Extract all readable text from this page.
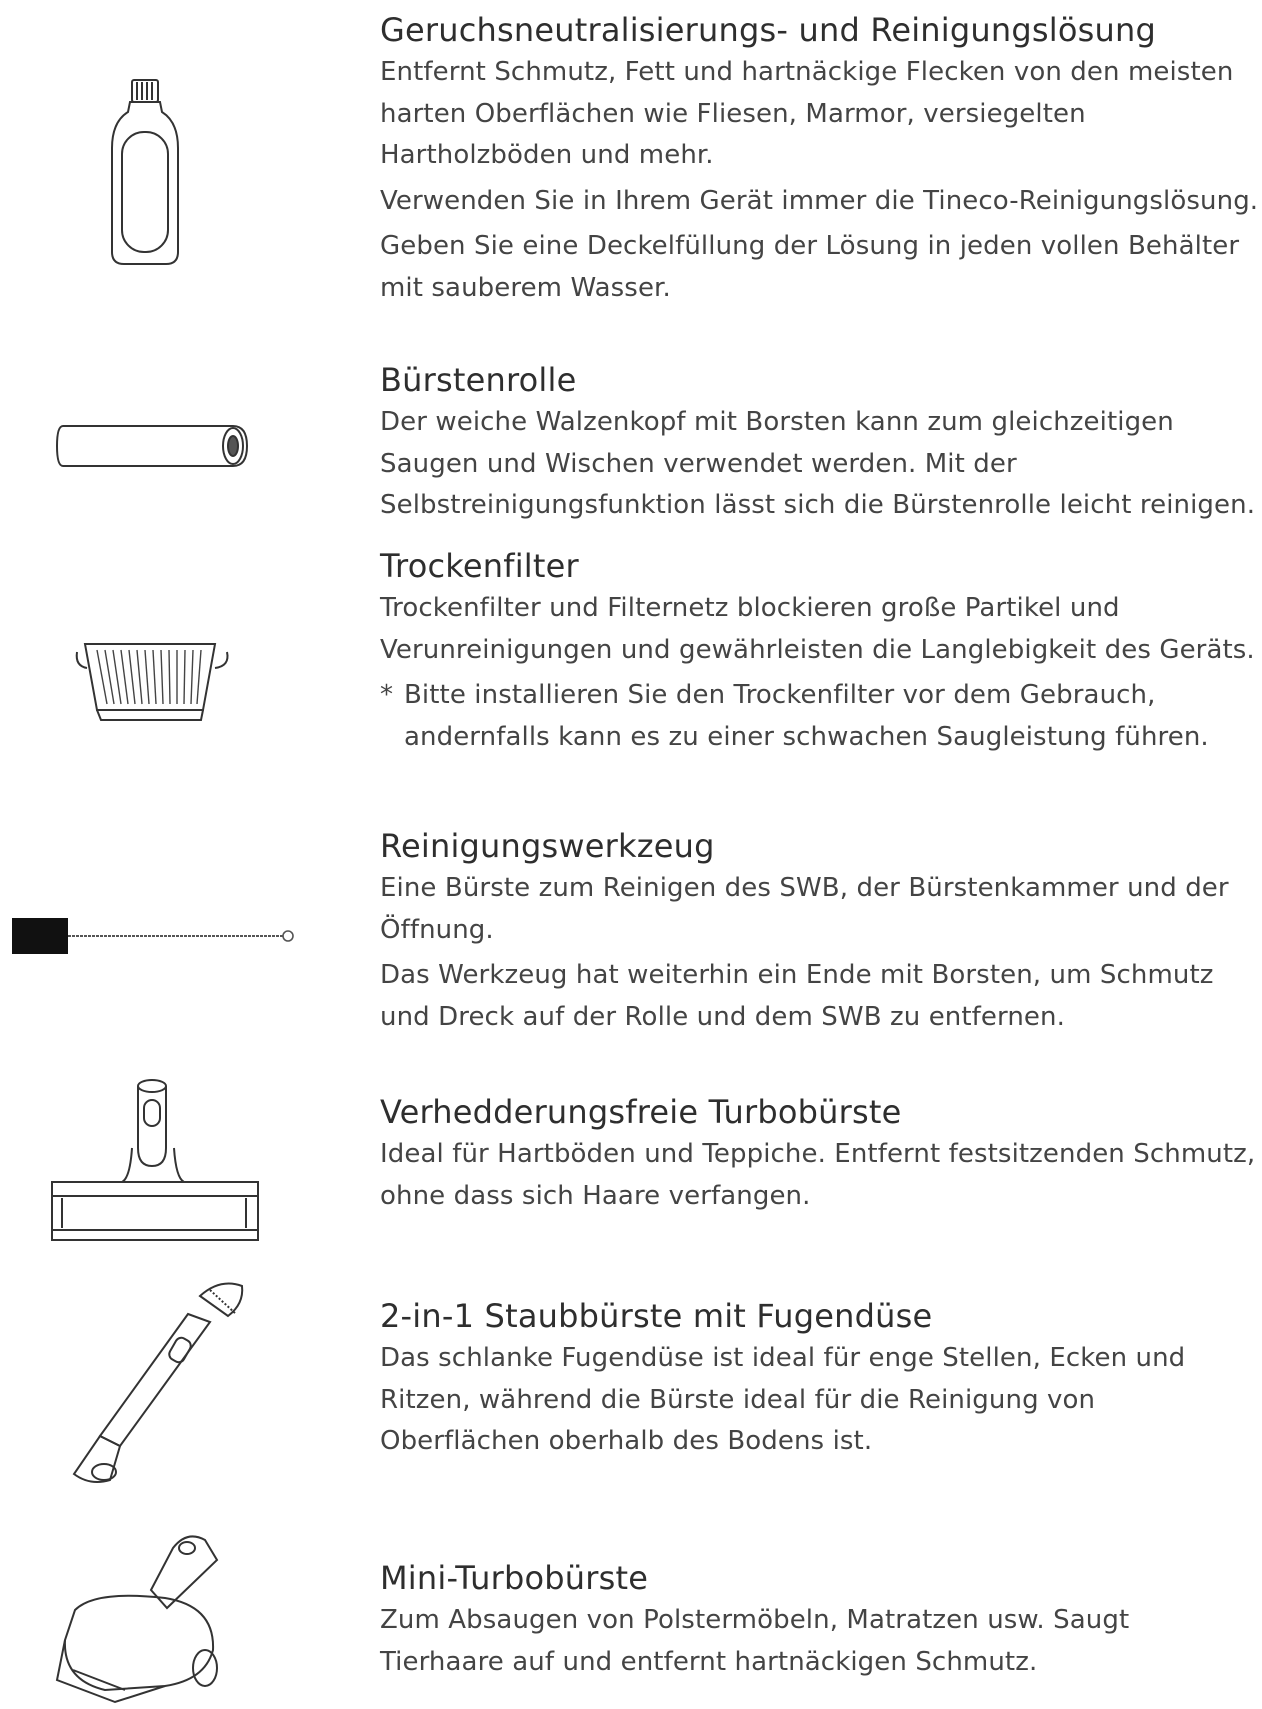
Geruchsneutralisierungs- und Reinigungslösung

Entfernt Schmutz, Fett und hartnäckige Flecken von den meisten harten Oberflächen wie Fliesen, Marmor, versiegelten Hartholzböden und mehr.

Verwenden Sie in Ihrem Gerät immer die Tineco-Reinigungslösung.

Geben Sie eine Deckelfüllung der Lösung in jeden vollen Behälter mit sauberem Wasser.

Bürstenrolle

Der weiche Walzenkopf mit Borsten kann zum gleichzeitigen Saugen und Wischen verwendet werden. Mit der Selbstreinigungsfunktion lässt sich die Bürstenrolle leicht reinigen.

Trockenfilter

Trockenfilter und Filternetz blockieren große Partikel und Verunreinigungen und gewährleisten die Langlebigkeit des Geräts.

* Bitte installieren Sie den Trockenfilter vor dem Gebrauch, andernfalls kann es zu einer schwachen Saugleistung führen.

Reinigungswerkzeug

Eine Bürste zum Reinigen des SWB, der Bürstenkammer und der Öffnung.

Das Werkzeug hat weiterhin ein Ende mit Borsten, um Schmutz und Dreck auf der Rolle und dem SWB zu entfernen.

Verhedderungsfreie Turbobürste

Ideal für Hartböden und Teppiche. Entfernt festsitzenden Schmutz, ohne dass sich Haare verfangen.

2-in-1 Staubbürste mit Fugendüse

Das schlanke Fugendüse ist ideal für enge Stellen, Ecken und Ritzen, während die Bürste ideal für die Reinigung von Oberflächen oberhalb des Bodens ist.

Mini-Turbobürste

Zum Absaugen von Polstermöbeln, Matratzen usw. Saugt Tierhaare auf und entfernt hartnäckigen Schmutz.
